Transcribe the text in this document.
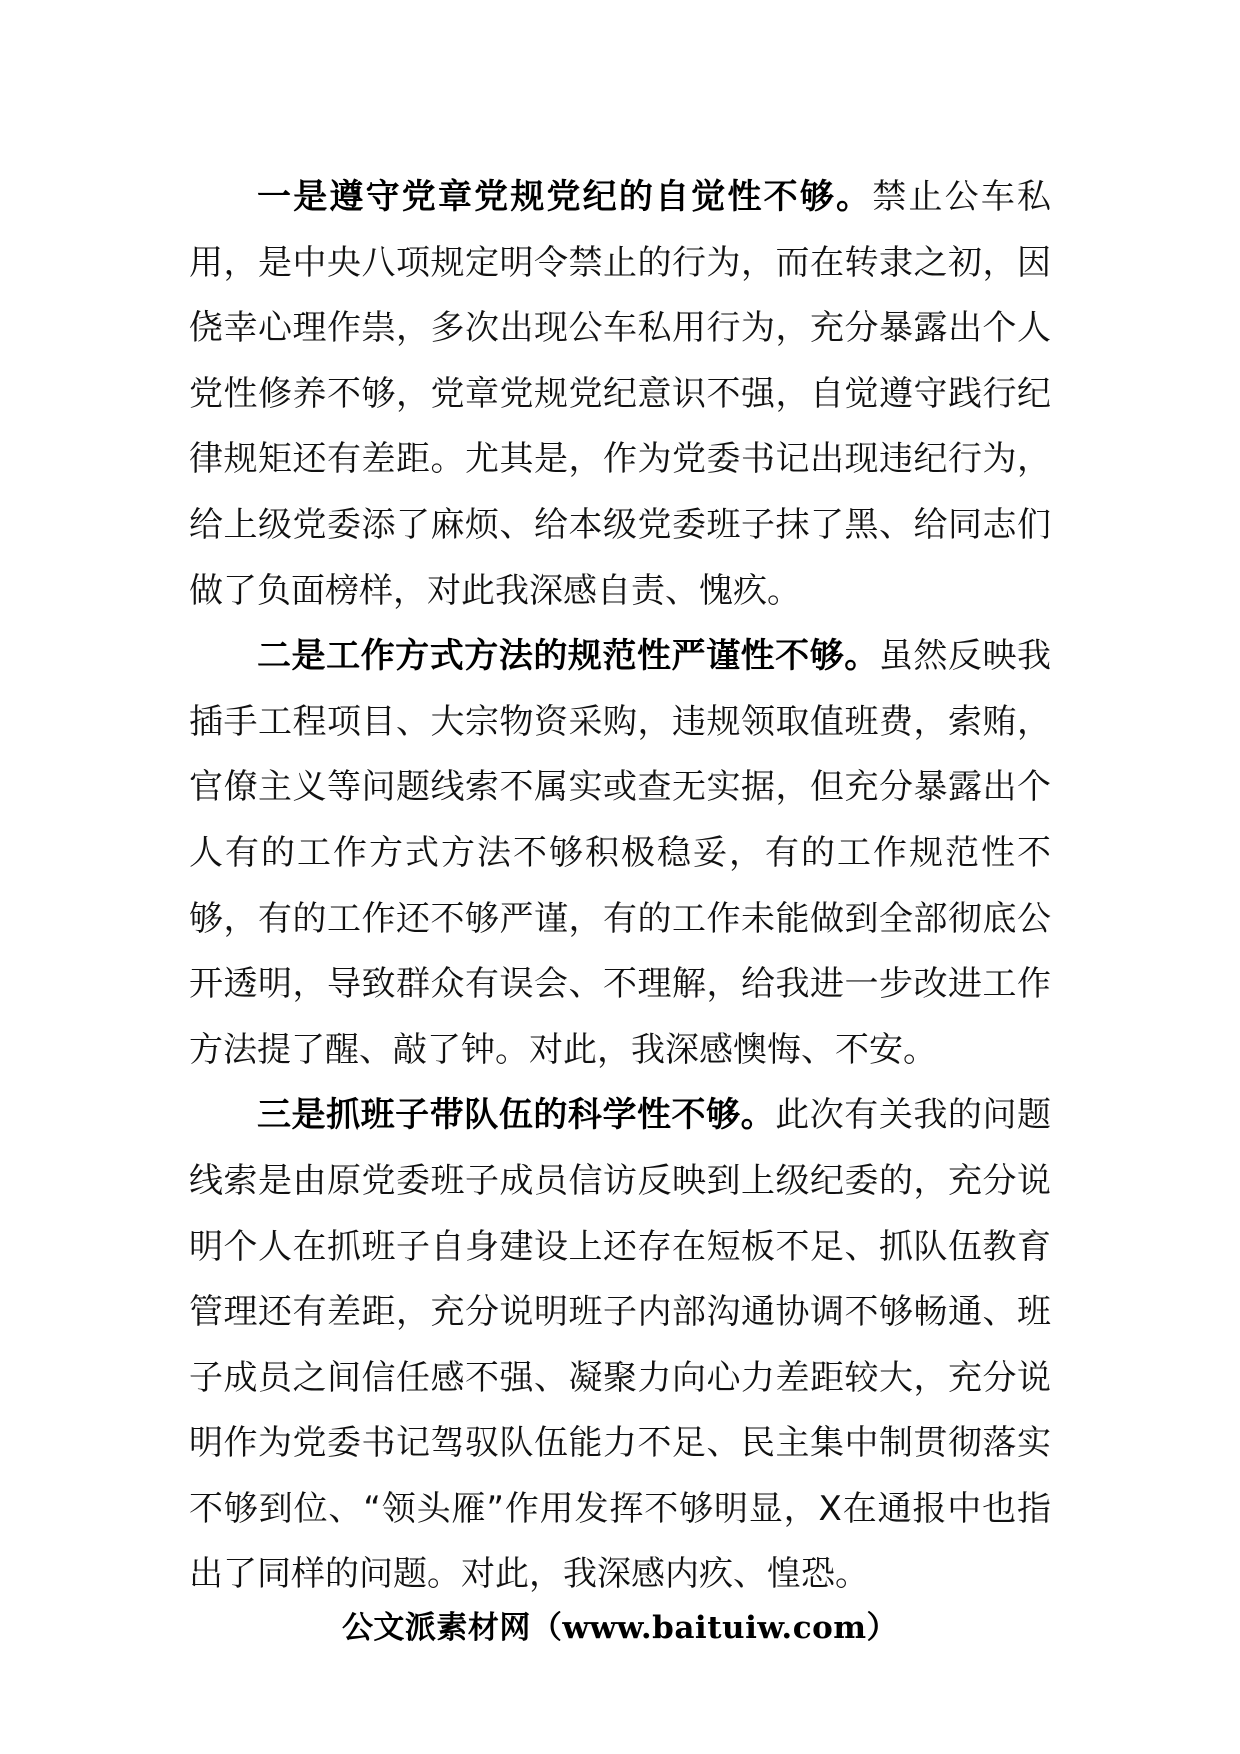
一是遵守党章党规党纪的自觉性不够。禁止公车私用，是中央八项规定明令禁止的行为，而在转隶之初，因侥幸心理作祟，多次出现公车私用行为，充分暴露出个人党性修养不够，党章党规党纪意识不强，自觉遵守践行纪律规矩还有差距。尤其是，作为党委书记出现违纪行为，给上级党委添了麻烦、给本级党委班子抹了黑、给同志们做了负面榜样，对此我深感自责、愧疚。

二是工作方式方法的规范性严谨性不够。虽然反映我插手工程项目、大宗物资采购，违规领取值班费，索贿，官僚主义等问题线索不属实或查无实据，但充分暴露出个人有的工作方式方法不够积极稳妥，有的工作规范性不够，有的工作还不够严谨，有的工作未能做到全部彻底公开透明，导致群众有误会、不理解，给我进一步改进工作方法提了醒、敲了钟。对此，我深感懊悔、不安。

三是抓班子带队伍的科学性不够。此次有关我的问题线索是由原党委班子成员信访反映到上级纪委的，充分说明个人在抓班子自身建设上还存在短板不足、抓队伍教育管理还有差距，充分说明班子内部沟通协调不够畅通、班子成员之间信任感不强、凝聚力向心力差距较大，充分说明作为党委书记驾驭队伍能力不足、民主集中制贯彻落实不够到位、“领头雁”作用发挥不够明显，X在通报中也指出了同样的问题。对此，我深感内疚、惶恐。

公文派素材网（www.baituiw.com）
